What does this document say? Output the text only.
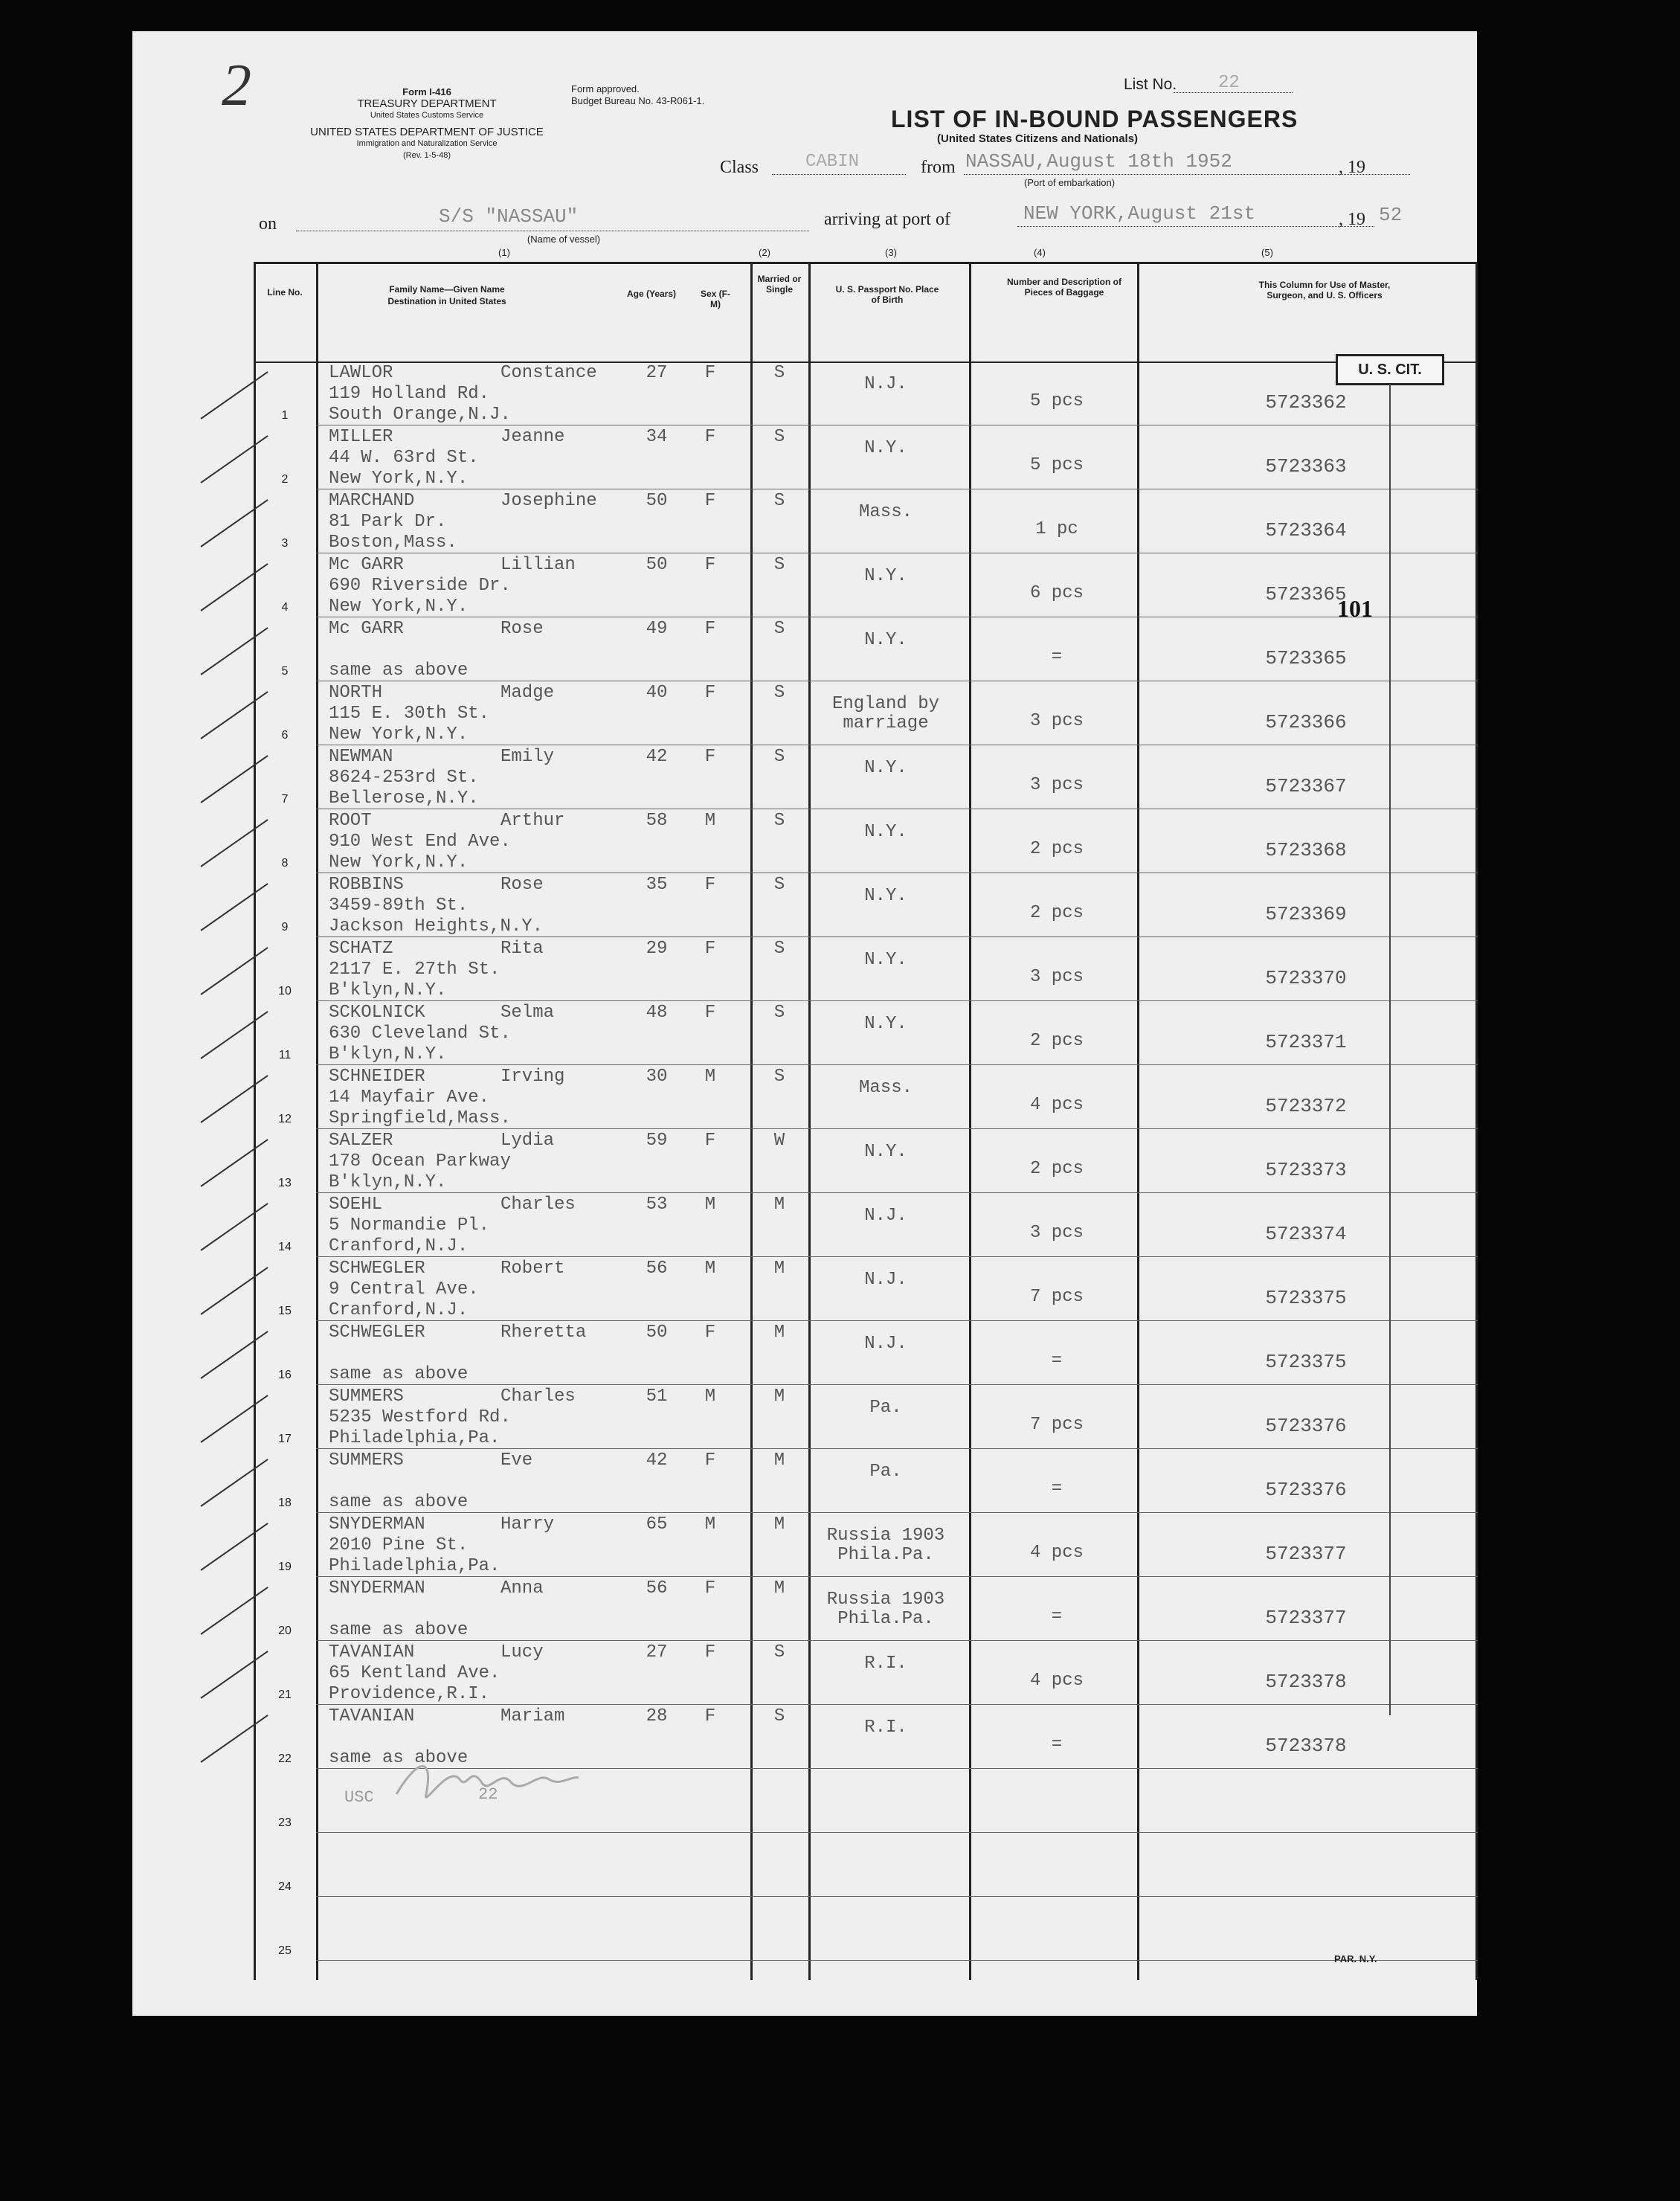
2	Form I-416
TREASURY DEPARTMENT
United States Customs Service
UNITED STATES DEPARTMENT OF JUSTICE
Immigration and Naturalization Service
(Rev. 1-5-48)
Form approved.
Budget Bureau No. 43-R061-1.
List No. 22
LIST OF IN-BOUND PASSENGERS
(United States Citizens and Nationals)
Class	CABIN	from NASSAU,August 18th 1952	, 19
(Port of embarkation)
on	S/S "NASSAU"
(Name of vessel)
arriving at port of	NEW YORK,August 21st	, 19 52
(1)	(2)	(3)	(4)	(5)
Line No.	Family Name—Given Name
Destination in United States
Age (Years)	Sex (F-M)
Married or Single	U. S. Passport No. Place of Birth
Number and Description of Pieces of Baggage
This Column for Use of Master, Surgeon, and U. S. Officers
1
LAWLOR	Constance
119 Holland Rd.
South Orange,N.J.
27	F	S
N.J.
5 pcs	5723362
2
MILLER	Jeanne
44 W. 63rd St.
New York,N.Y.
34	F	S
N.Y.
5 pcs	5723363
3
MARCHAND	Josephine
81 Park Dr.
Boston,Mass.
50	F	S
Mass.
1 pc	5723364
4
Mc GARR	Lillian
690 Riverside Dr.
New York,N.Y.
50	F	S
N.Y.
6 pcs	5723365
5
Mc GARR	Rose
same as above
49	F	S
N.Y.
=	5723365
6
NORTH	Madge
115 E. 30th St.
New York,N.Y.
40	F	S
England by marriage	3 pcs	5723366
7
NEWMAN	Emily
8624-253rd St.
Bellerose,N.Y.
42	F	S
N.Y.
3 pcs	5723367
8
ROOT	Arthur
910 West End Ave.
New York,N.Y.
58	M	S
N.Y.
2 pcs	5723368
9
ROBBINS	Rose
3459-89th St.
Jackson Heights,N.Y.
35	F	S
N.Y.
2 pcs	5723369
10
SCHATZ	Rita
2117 E. 27th St.
B'klyn,N.Y.
29	F	S
N.Y.
3 pcs	5723370
11
SCKOLNICK	Selma
630 Cleveland St.
B'klyn,N.Y.
48	F	S
N.Y.
2 pcs	5723371
12
SCHNEIDER	Irving
14 Mayfair Ave.
Springfield,Mass.
30	M	S
Mass.
4 pcs	5723372
13
SALZER	Lydia
178 Ocean Parkway
B'klyn,N.Y.
59	F	W
N.Y.
2 pcs	5723373
14
SOEHL	Charles
5 Normandie Pl.
Cranford,N.J.
53	M	M
N.J.
3 pcs	5723374
15
SCHWEGLER	Robert
9 Central Ave.
Cranford,N.J.
56	M	M
N.J.
7 pcs	5723375
16
SCHWEGLER	Rheretta
same as above
50	F	M
N.J.
=	5723375
17
SUMMERS	Charles
5235 Westford Rd.
Philadelphia,Pa.
51	M	M
Pa.
7 pcs	5723376
18
SUMMERS	Eve
same as above
42	F	M
Pa.
=	5723376
19
SNYDERMAN	Harry
2010 Pine St.
Philadelphia,Pa.
65	M	M
Russia 1903 Phila.Pa.	4 pcs	5723377
20
SNYDERMAN	Anna
same as above
56	F	M
Russia 1903 Phila.Pa.	=	5723377
21
TAVANIAN	Lucy
65 Kentland Ave.
Providence,R.I.
27	F	S
R.I.
4 pcs	5723378
22
TAVANIAN	Mariam
same as above
28	F	S
R.I.
=	5723378
23
24
25
U. S. CIT.
101
USC	22
PAR. N.Y.
